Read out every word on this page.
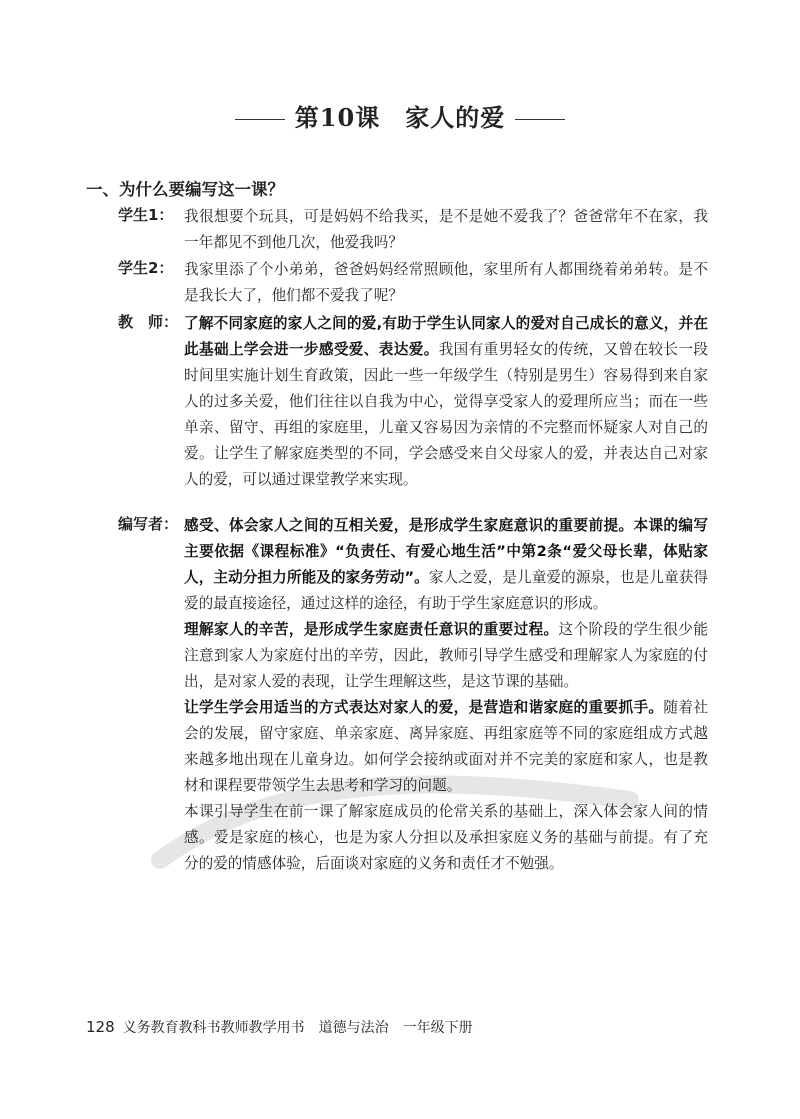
第10课　家人的爱
一、为什么要编写这一课？
学生1： 我很想要个玩具，可是妈妈不给我买，是不是她不爱我了？爸爸常年不在家，我一年都见不到他几次，他爱我吗？

学生2： 我家里添了个小弟弟，爸爸妈妈经常照顾他，家里所有人都围绕着弟弟转。是不是我长大了，他们都不爱我了呢？

教　师： 了解不同家庭的家人之间的爱,有助于学生认同家人的爱对自己成长的意义，并在此基础上学会进一步感受爱、表达爱。我国有重男轻女的传统，又曾在较长一段时间里实施计划生育政策，因此一些一年级学生（特别是男生）容易得到来自家人的过多关爱，他们往往以自我为中心，觉得享受家人的爱理所应当；而在一些单亲、留守、再组的家庭里，儿童又容易因为亲情的不完整而怀疑家人对自己的爱。让学生了解家庭类型的不同，学会感受来自父母家人的爱，并表达自己对家人的爱，可以通过课堂教学来实现。

编写者： 感受、体会家人之间的互相关爱，是形成学生家庭意识的重要前提。本课的编写主要依据《课程标准》“负责任、有爱心地生活”中第2条“爱父母长辈，体贴家人，主动分担力所能及的家务劳动”。家人之爱，是儿童爱的源泉，也是儿童获得爱的最直接途径，通过这样的途径，有助于学生家庭意识的形成。

理解家人的辛苦，是形成学生家庭责任意识的重要过程。这个阶段的学生很少能注意到家人为家庭付出的辛劳，因此，教师引导学生感受和理解家人为家庭的付出，是对家人爱的表现，让学生理解这些，是这节课的基础。

让学生学会用适当的方式表达对家人的爱，是营造和谐家庭的重要抓手。随着社会的发展，留守家庭、单亲家庭、离异家庭、再组家庭等不同的家庭组成方式越来越多地出现在儿童身边。如何学会接纳或面对并不完美的家庭和家人，也是教材和课程要带领学生去思考和学习的问题。

本课引导学生在前一课了解家庭成员的伦常关系的基础上，深入体会家人间的情感。爱是家庭的核心，也是为家人分担以及承担家庭义务的基础与前提。有了充分的爱的情感体验，后面谈对家庭的义务和责任才不勉强。

128 义务教育教科书教师教学用书 道德与法治 一年级下册
